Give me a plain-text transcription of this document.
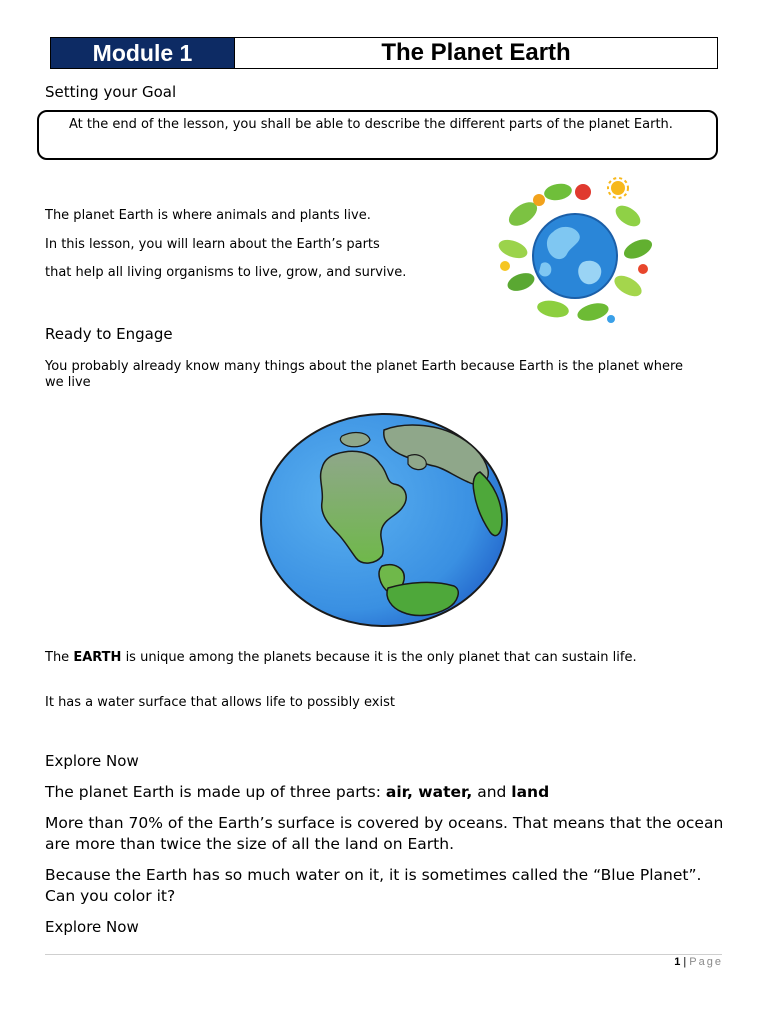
Module 1	The Planet Earth
Setting your Goal
At the end of the lesson, you shall be able to describe the different parts of the planet Earth.
The planet Earth is where animals and plants live.
In this lesson, you will learn about the Earth’s parts
that help all living organisms to live, grow, and survive.
Ready to Engage
You probably already know many things about the planet Earth because Earth is the planet where we live
The EARTH is unique among the planets because it is the only planet that can sustain life.
It has a water surface that allows life to possibly exist
Explore Now
The planet Earth is made up of three parts: air, water, and land
More than 70% of the Earth’s surface is covered by oceans. That means that the ocean are more than twice the size of all the land on Earth.
Because the Earth has so much water on it, it is sometimes called the “Blue Planet”. Can you color it?
Explore Now
1 | Page
